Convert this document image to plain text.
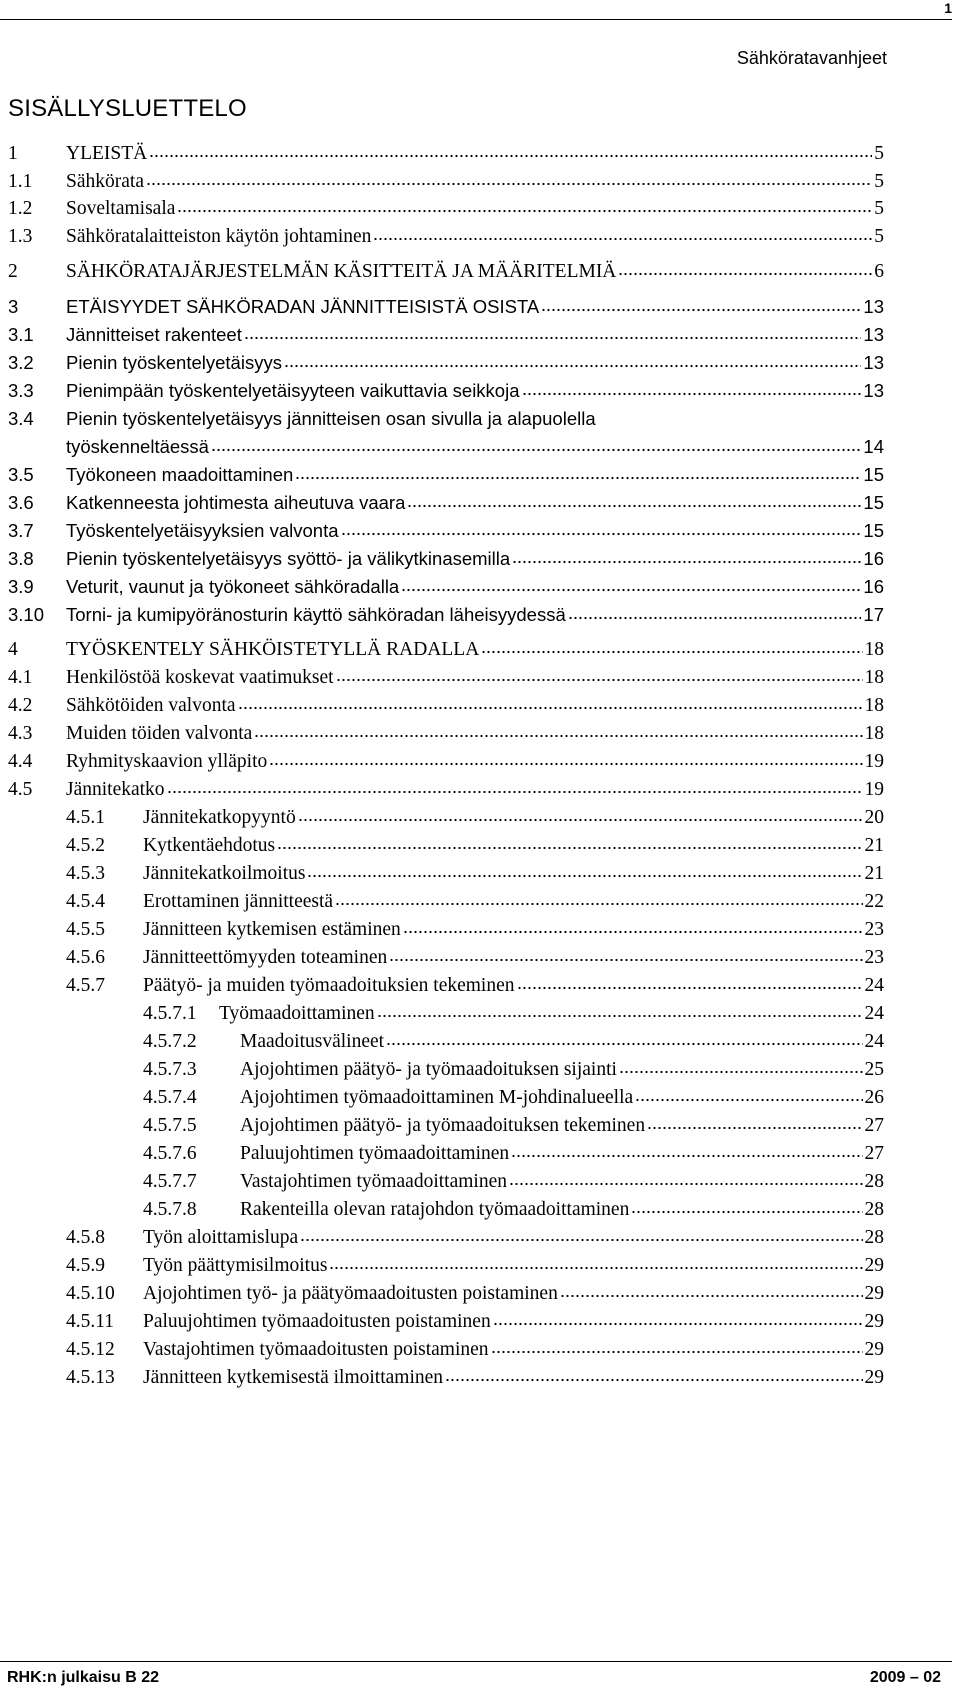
1
Sähköratavanhjeet
SISÄLLYSLUETTELO
1 YLEISTÄ	5
1.1 Sähkörata	5
1.2 Soveltamisala	5
1.3 Sähköratalaitteiston käytön johtaminen	5
2 SÄHKÖRATAJÄRJESTELMÄN KÄSITTEITÄ JA MÄÄRITELMIÄ	6
3	ETÄISYYDET SÄHKÖRADAN JÄNNITTEISISTÄ OSISTA	13
3.1 Jännitteiset rakenteet	13
3.2 Pienin työskentelyetäisyys	13
3.3 Pienimpään työskentelyetäisyyteen vaikuttavia seikkoja	13
3.4 Pienin työskentelyetäisyys jännitteisen osan sivulla ja alapuolella
työskenneltäessä	14
3.5 Työkoneen maadoittaminen	15
3.6 Katkenneesta johtimesta aiheutuva vaara	15
3.7 Työskentelyetäisyyksien valvonta	15
3.8 Pienin työskentelyetäisyys syöttö- ja välikytkinasemilla	16
3.9 Veturit, vaunut ja työkoneet sähköradalla	16
3.10 Torni- ja kumipyöränosturin käyttö sähköradan läheisyydessä	17
4 TYÖSKENTELY SÄHKÖISTETYLLÄ RADALLA	18
4.1 Henkilöstöä koskevat vaatimukset	18
4.2 Sähkötöiden valvonta	18
4.3 Muiden töiden valvonta	18
4.4 Ryhmityskaavion ylläpito	19
4.5 Jännitekatko	19
4.5.1 Jännitekatkopyyntö	20
4.5.2 Kytkentäehdotus	21
4.5.3 Jännitekatkoilmoitus	21
4.5.4 Erottaminen jännitteestä	22
4.5.5 Jännitteen kytkemisen estäminen	23
4.5.6 Jännitteettömyyden toteaminen	23
4.5.7 Päätyö- ja muiden työmaadoituksien tekeminen	24
4.5.7.1 Työmaadoittaminen	24
4.5.7.2 Maadoitusvälineet	24
4.5.7.3 Ajojohtimen päätyö- ja työmaadoituksen sijainti	25
4.5.7.4 Ajojohtimen työmaadoittaminen M-johdinalueella	26
4.5.7.5 Ajojohtimen päätyö- ja työmaadoituksen tekeminen	27
4.5.7.6 Paluujohtimen työmaadoittaminen	27
4.5.7.7 Vastajohtimen työmaadoittaminen	28
4.5.7.8 Rakenteilla olevan ratajohdon työmaadoittaminen	28
4.5.8 Työn aloittamislupa	28
4.5.9 Työn päättymisilmoitus	29
4.5.10 Ajojohtimen työ- ja päätyömaadoitusten poistaminen	29
4.5.11 Paluujohtimen työmaadoitusten poistaminen	29
4.5.12 Vastajohtimen työmaadoitusten poistaminen	29
4.5.13 Jännitteen kytkemisestä ilmoittaminen	29
RHK:n julkaisu B 22	2009 – 02
